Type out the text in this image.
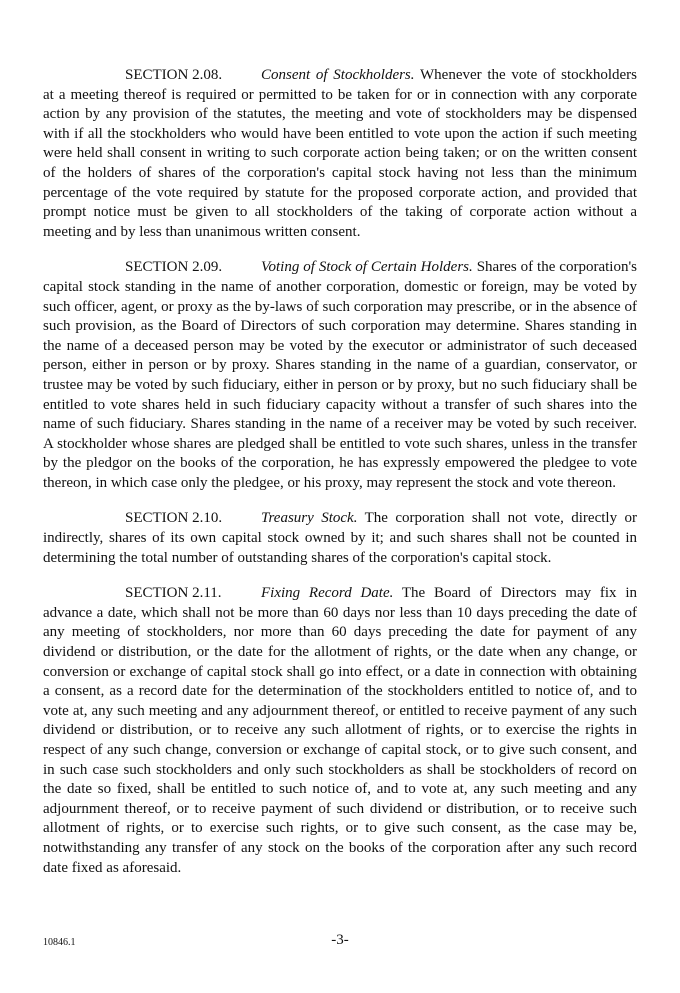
SECTION 2.08.	Consent of Stockholders. Whenever the vote of stockholders at a meeting thereof is required or permitted to be taken for or in connection with any corporate action by any provision of the statutes, the meeting and vote of stockholders may be dispensed with if all the stockholders who would have been entitled to vote upon the action if such meeting were held shall consent in writing to such corporate action being taken; or on the written consent of the holders of shares of the corporation's capital stock having not less than the minimum percentage of the vote required by statute for the proposed corporate action, and provided that prompt notice must be given to all stockholders of the taking of corporate action without a meeting and by less than unanimous written consent.

SECTION 2.09.	Voting of Stock of Certain Holders. Shares of the corporation's capital stock standing in the name of another corporation, domestic or foreign, may be voted by such officer, agent, or proxy as the by-laws of such corporation may prescribe, or in the absence of such provision, as the Board of Directors of such corporation may determine. Shares standing in the name of a deceased person may be voted by the executor or administrator of such deceased person, either in person or by proxy. Shares standing in the name of a guardian, conservator, or trustee may be voted by such fiduciary, either in person or by proxy, but no such fiduciary shall be entitled to vote shares held in such fiduciary capacity without a transfer of such shares into the name of such fiduciary. Shares standing in the name of a receiver may be voted by such receiver. A stockholder whose shares are pledged shall be entitled to vote such shares, unless in the transfer by the pledgor on the books of the corporation, he has expressly empowered the pledgee to vote thereon, in which case only the pledgee, or his proxy, may represent the stock and vote thereon.

SECTION 2.10.	Treasury Stock. The corporation shall not vote, directly or indirectly, shares of its own capital stock owned by it; and such shares shall not be counted in determining the total number of outstanding shares of the corporation's capital stock.

SECTION 2.11.	Fixing Record Date. The Board of Directors may fix in advance a date, which shall not be more than 60 days nor less than 10 days preceding the date of any meeting of stockholders, nor more than 60 days preceding the date for payment of any dividend or distribution, or the date for the allotment of rights, or the date when any change, or conversion or exchange of capital stock shall go into effect, or a date in connection with obtaining a consent, as a record date for the determination of the stockholders entitled to notice of, and to vote at, any such meeting and any adjournment thereof, or entitled to receive payment of any such dividend or distribution, or to receive any such allotment of rights, or to exercise the rights in respect of any such change, conversion or exchange of capital stock, or to give such consent, and in such case such stockholders and only such stockholders as shall be stockholders of record on the date so fixed, shall be entitled to such notice of, and to vote at, any such meeting and any adjournment thereof, or to receive payment of such dividend or distribution, or to receive such allotment of rights, or to exercise such rights, or to give such consent, as the case may be, notwithstanding any transfer of any stock on the books of the corporation after any such record date fixed as aforesaid.

10846.1	-3-
